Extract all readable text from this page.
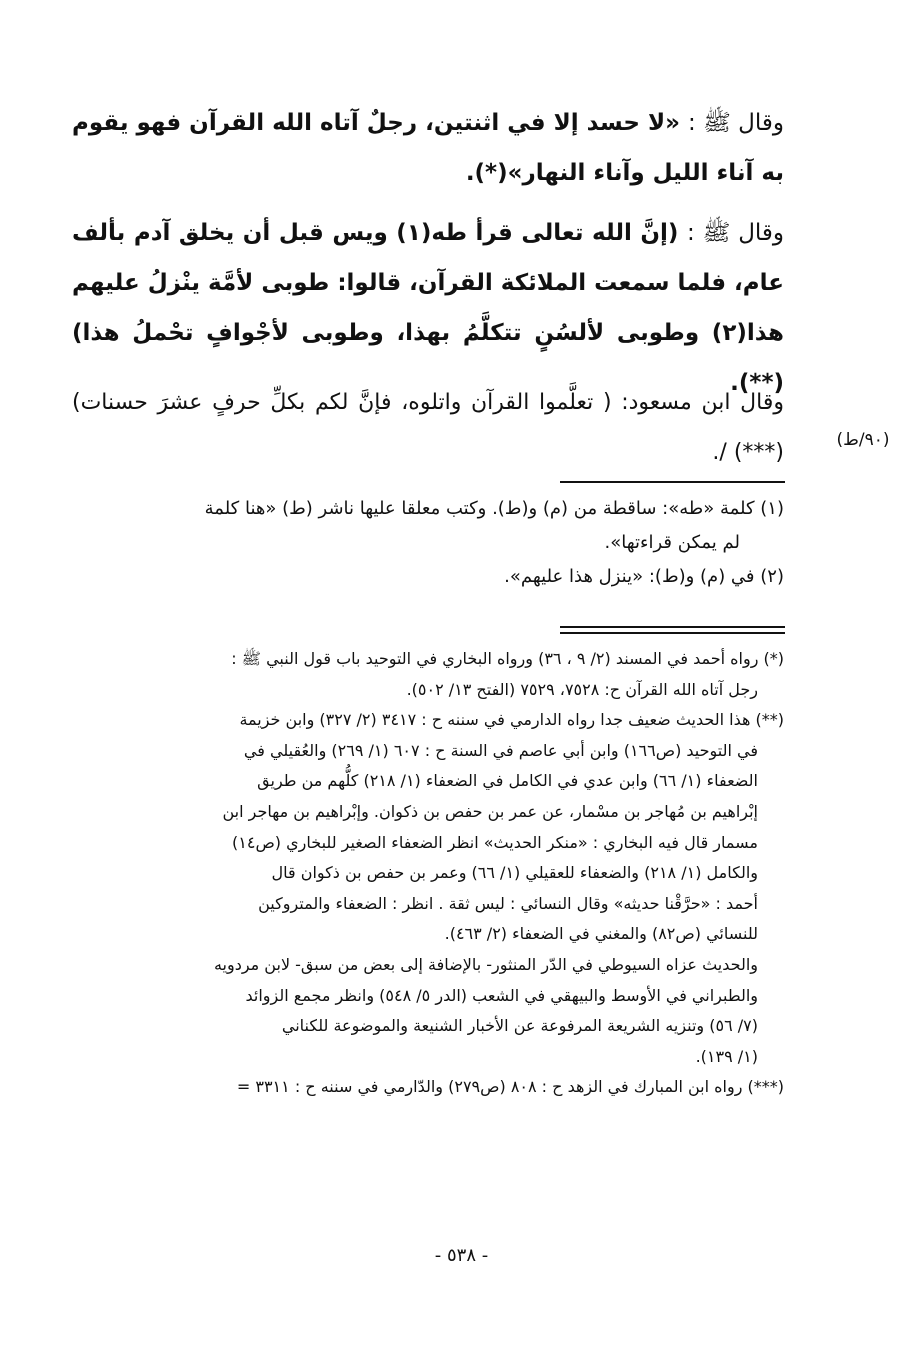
وقال ﷺ : «لا حسد إلا في اثنتين، رجلٌ آتاه الله القرآن فهو يقوم به آناء الليل وآناء النهار»(*).
وقال ﷺ : (إنَّ الله تعالى قرأ طه(١) ويس قبل أن يخلق آدم بألف عام، فلما سمعت الملائكة القرآن، قالوا: طوبى لأمَّة ينْزلُ عليهم هذا(٢) وطوبى لألسُنٍ تتكلَّمُ بهذا، وطوبى لأجْوافٍ تحْملُ هذا)(**).
وقال ابن مسعود: ( تعلَّموا القرآن واتلوه، فإنَّ لكم بكلِّ حرفٍ عشرَ حسنات)(***) /.	(٩٠/ط)

(١) كلمة «طه»: ساقطة من (م) و(ط). وكتب معلقا عليها ناشر (ط) «هنا كلمة

لم يمكن قراءتها».

(٢) في (م) و(ط): «ينزل هذا عليهم».

(*) رواه أحمد في المسند (٢/ ٩ ، ٣٦) ورواه البخاري في التوحيد باب قول النبي ﷺ :

رجل آتاه الله القرآن ح: ٧٥٢٨، ٧٥٢٩ (الفتح ١٣/ ٥٠٢).

(**) هذا الحديث ضعيف جدا رواه الدارمي في سننه ح : ٣٤١٧ (٢/ ٣٢٧) وابن خزيمة

في التوحيد (ص١٦٦) وابن أبي عاصم في السنة ح : ٦٠٧ (١/ ٢٦٩) والعُقيلي في

الضعفاء (١/ ٦٦) وابن عدي في الكامل في الضعفاء (١/ ٢١٨) كلُّهم من طريق

إبْراهيم بن مُهاجر بن مسْمار، عن عمر بن حفص بن ذكوان. وإبْراهيم بن مهاجر ابن

مسمار قال فيه البخاري : «منكر الحديث» انظر الضعفاء الصغير للبخاري (ص١٤)

والكامل (١/ ٢١٨) والضعفاء للعقيلي (١/ ٦٦) وعمر بن حفص بن ذكوان قال

أحمد : «حرَّقْنا حديثه» وقال النسائي : ليس ثقة . انظر : الضعفاء والمتروكين

للنسائي (ص٨٢) والمغني في الضعفاء (٢/ ٤٦٣).

والحديث عزاه السيوطي في الدّر المنثور- بالإضافة إلى بعض من سبق- لابن مردويه

والطبراني في الأوسط والبيهقي في الشعب (الدر ٥/ ٥٤٨) وانظر مجمع الزوائد

(٧/ ٥٦) وتنزيه الشريعة المرفوعة عن الأخبار الشنيعة والموضوعة للكناني

(١/ ١٣٩).

(***) رواه ابن المبارك في الزهد ح : ٨٠٨ (ص٢٧٩) والدّارمي في سننه ح : ٣٣١١ =

- ٥٣٨ -
